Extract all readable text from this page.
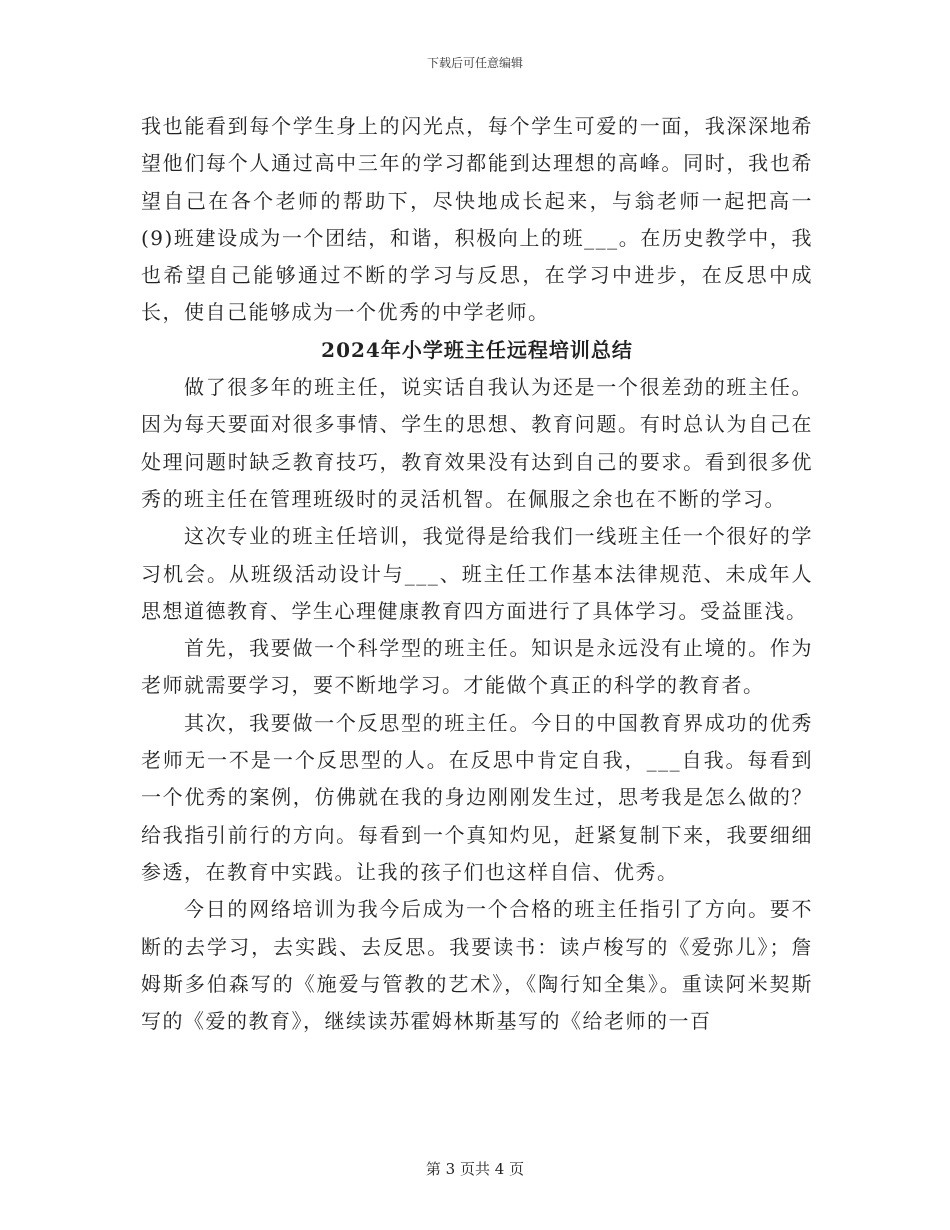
下载后可任意编辑

我也能看到每个学生身上的闪光点，每个学生可爱的一面，我深深地希望他们每个人通过高中三年的学习都能到达理想的高峰。同时，我也希望自己在各个老师的帮助下，尽快地成长起来，与翁老师一起把高一(9)班建设成为一个团结，和谐，积极向上的班___。在历史教学中，我也希望自己能够通过不断的学习与反思，在学习中进步，在反思中成长，使自己能够成为一个优秀的中学老师。

2024年小学班主任远程培训总结

做了很多年的班主任，说实话自我认为还是一个很差劲的班主任。因为每天要面对很多事情、学生的思想、教育问题。有时总认为自己在处理问题时缺乏教育技巧，教育效果没有达到自己的要求。看到很多优秀的班主任在管理班级时的灵活机智。在佩服之余也在不断的学习。

这次专业的班主任培训，我觉得是给我们一线班主任一个很好的学习机会。从班级活动设计与___、班主任工作基本法律规范、未成年人思想道德教育、学生心理健康教育四方面进行了具体学习。受益匪浅。

首先，我要做一个科学型的班主任。知识是永远没有止境的。作为老师就需要学习，要不断地学习。才能做个真正的科学的教育者。

其次，我要做一个反思型的班主任。今日的中国教育界成功的优秀老师无一不是一个反思型的人。在反思中肯定自我，___自我。每看到一个优秀的案例，仿佛就在我的身边刚刚发生过，思考我是怎么做的？给我指引前行的方向。每看到一个真知灼见，赶紧复制下来，我要细细参透，在教育中实践。让我的孩子们也这样自信、优秀。

今日的网络培训为我今后成为一个合格的班主任指引了方向。要不断的去学习，去实践、去反思。我要读书：读卢梭写的《爱弥儿》；詹姆斯多伯森写的《施爱与管教的艺术》，《陶行知全集》。重读阿米契斯写的《爱的教育》，继续读苏霍姆林斯基写的《给老师的一百

第 3 页共 4 页
